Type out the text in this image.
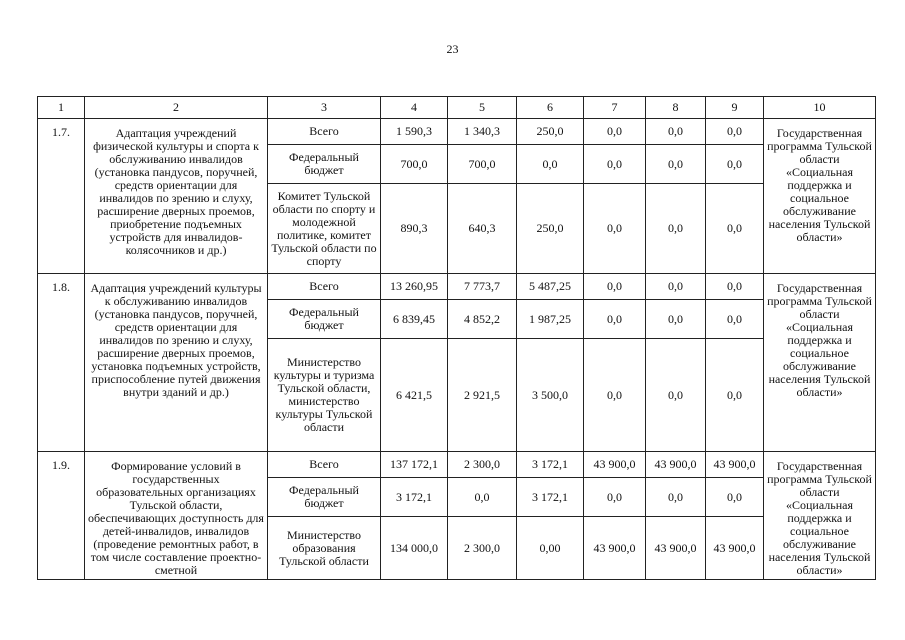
23
1	2	3	4	5	6	7	8	9	10
1.7.	Адаптация учреждений физической культуры и спорта к обслуживанию инвалидов (установка пандусов, поручней, средств ориентации для инвалидов по зрению и слуху, расширение дверных проемов, приобретение подъемных устройств для инвалидов-колясочников и др.)	Всего	1 590,3	1 340,3	250,0	0,0	0,0	0,0	Государственная программа Тульской области «Социальная поддержка и социальное обслуживание населения Тульской области»
		Федеральный бюджет	700,0	700,0	0,0	0,0	0,0	0,0	
		Комитет Тульской области по спорту и молодежной политике, комитет Тульской области по спорту	890,3	640,3	250,0	0,0	0,0	0,0	
1.8.	Адаптация учреждений культуры к обслуживанию инвалидов (установка пандусов, поручней, средств ориентации для инвалидов по зрению и слуху, расширение дверных проемов, установка подъемных устройств, приспособление путей движения внутри зданий и др.)	Всего	13 260,95	7 773,7	5 487,25	0,0	0,0	0,0	Государственная программа Тульской области «Социальная поддержка и социальное обслуживание населения Тульской области»
		Федеральный бюджет	6 839,45	4 852,2	1 987,25	0,0	0,0	0,0	
		Министерство культуры и туризма Тульской области, министерство культуры Тульской области	6 421,5	2 921,5	3 500,0	0,0	0,0	0,0	
1.9.	Формирование условий в государственных образовательных организациях Тульской области, обеспечивающих доступность для детей-инвалидов, инвалидов (проведение ремонтных работ, в том числе составление проектно-сметной	Всего	137 172,1	2 300,0	3 172,1	43 900,0	43 900,0	43 900,0	Государственная программа Тульской области «Социальная поддержка и социальное обслуживание населения Тульской области»
		Федеральный бюджет	3 172,1	0,0	3 172,1	0,0	0,0	0,0	
		Министерство образования Тульской области	134 000,0	2 300,0	0,00	43 900,0	43 900,0	43 900,0	
